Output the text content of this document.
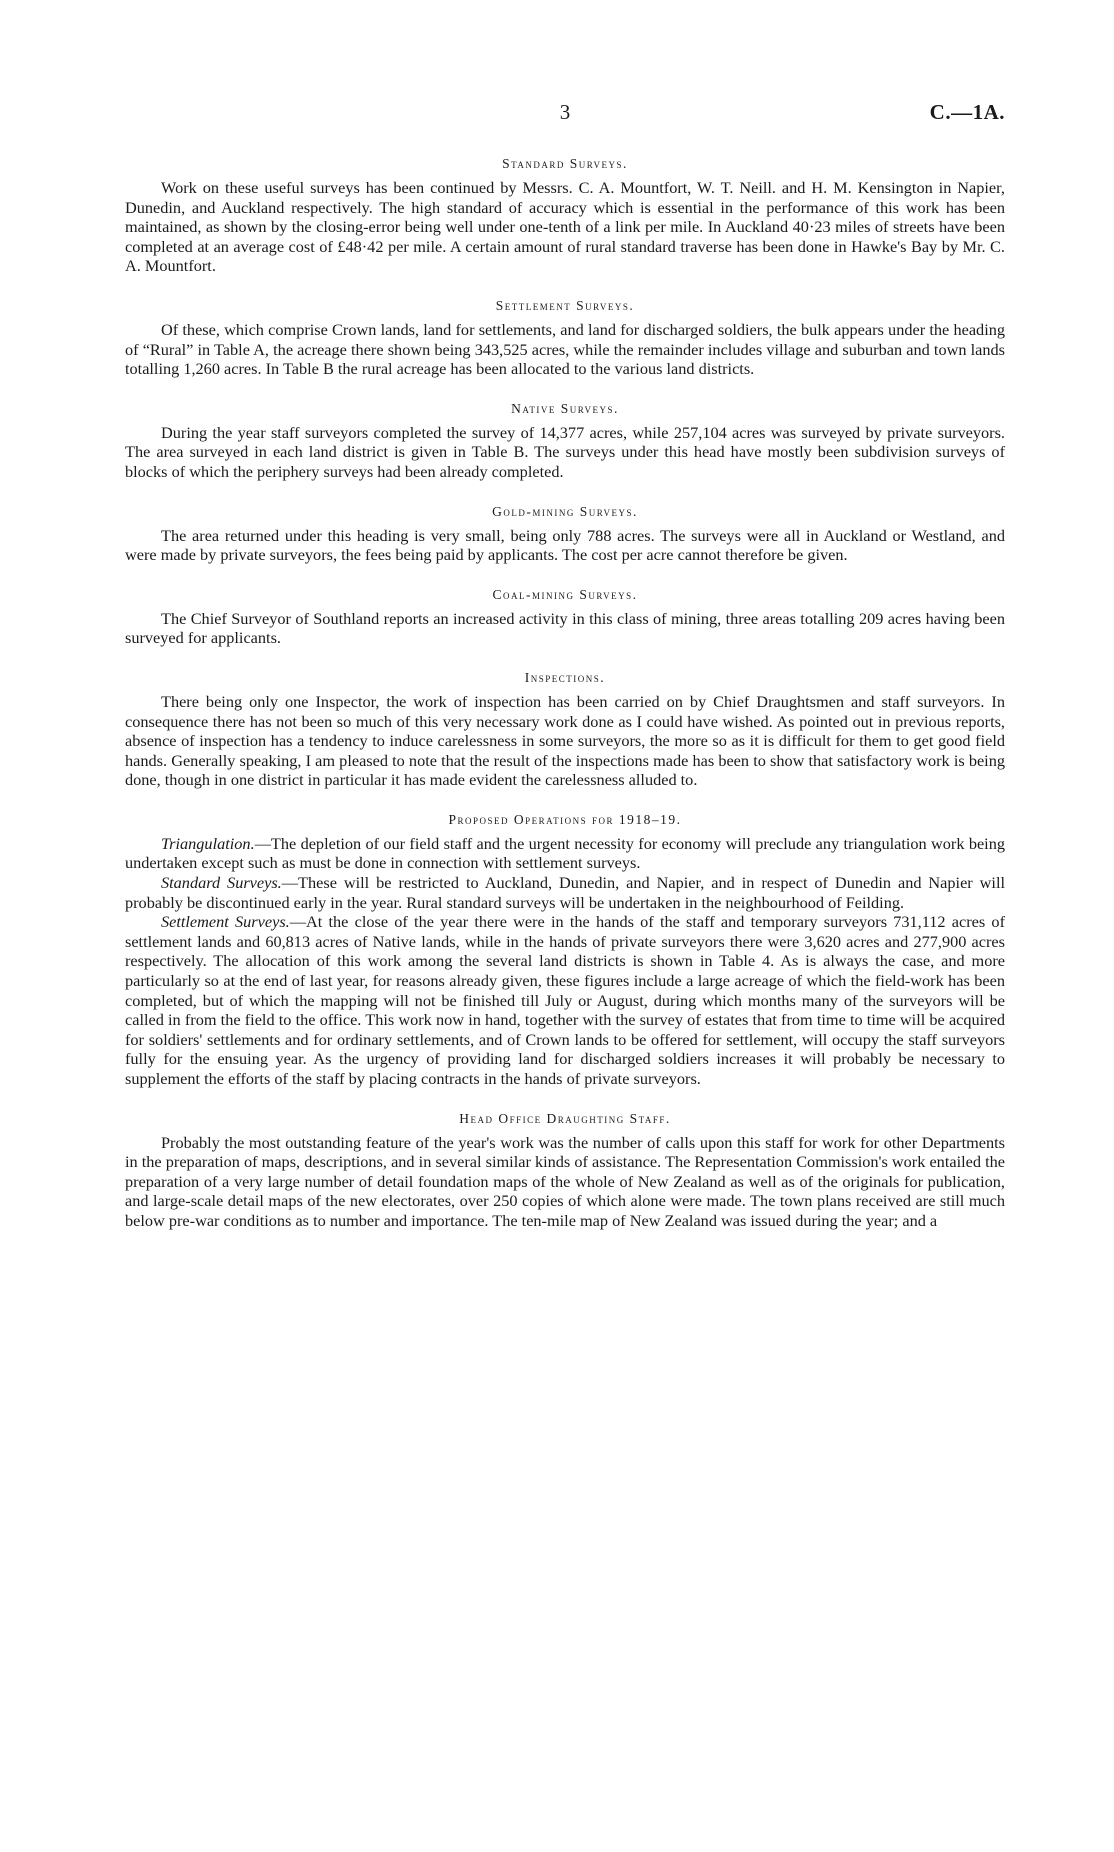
3	C.—1A.
Standard Surveys.

Work on these useful surveys has been continued by Messrs. C. A. Mountfort, W. T. Neill. and H. M. Kensington in Napier, Dunedin, and Auckland respectively. The high standard of accuracy which is essential in the performance of this work has been maintained, as shown by the closing-error being well under one-tenth of a link per mile. In Auckland 40·23 miles of streets have been completed at an average cost of £48·42 per mile. A certain amount of rural standard traverse has been done in Hawke's Bay by Mr. C. A. Mountfort.

Settlement Surveys.

Of these, which comprise Crown lands, land for settlements, and land for discharged soldiers, the bulk appears under the heading of “Rural” in Table A, the acreage there shown being 343,525 acres, while the remainder includes village and suburban and town lands totalling 1,260 acres. In Table B the rural acreage has been allocated to the various land districts.

Native Surveys.

During the year staff surveyors completed the survey of 14,377 acres, while 257,104 acres was surveyed by private surveyors. The area surveyed in each land district is given in Table B. The surveys under this head have mostly been subdivision surveys of blocks of which the periphery surveys had been already completed.

Gold-mining Surveys.

The area returned under this heading is very small, being only 788 acres. The surveys were all in Auckland or Westland, and were made by private surveyors, the fees being paid by applicants. The cost per acre cannot therefore be given.

Coal-mining Surveys.

The Chief Surveyor of Southland reports an increased activity in this class of mining, three areas totalling 209 acres having been surveyed for applicants.

Inspections.

There being only one Inspector, the work of inspection has been carried on by Chief Draughtsmen and staff surveyors. In consequence there has not been so much of this very necessary work done as I could have wished. As pointed out in previous reports, absence of inspection has a tendency to induce carelessness in some surveyors, the more so as it is difficult for them to get good field hands. Generally speaking, I am pleased to note that the result of the inspections made has been to show that satisfactory work is being done, though in one district in particular it has made evident the carelessness alluded to.

Proposed Operations for 1918–19.

Triangulation.—The depletion of our field staff and the urgent necessity for economy will preclude any triangulation work being undertaken except such as must be done in connection with settlement surveys.

Standard Surveys.—These will be restricted to Auckland, Dunedin, and Napier, and in respect of Dunedin and Napier will probably be discontinued early in the year. Rural standard surveys will be undertaken in the neighbourhood of Feilding.

Settlement Surveys.—At the close of the year there were in the hands of the staff and temporary surveyors 731,112 acres of settlement lands and 60,813 acres of Native lands, while in the hands of private surveyors there were 3,620 acres and 277,900 acres respectively. The allocation of this work among the several land districts is shown in Table 4. As is always the case, and more particularly so at the end of last year, for reasons already given, these figures include a large acreage of which the field-work has been completed, but of which the mapping will not be finished till July or August, during which months many of the surveyors will be called in from the field to the office. This work now in hand, together with the survey of estates that from time to time will be acquired for soldiers' settlements and for ordinary settlements, and of Crown lands to be offered for settlement, will occupy the staff surveyors fully for the ensuing year. As the urgency of providing land for discharged soldiers increases it will probably be necessary to supplement the efforts of the staff by placing contracts in the hands of private surveyors.

Head Office Draughting Staff.

Probably the most outstanding feature of the year's work was the number of calls upon this staff for work for other Departments in the preparation of maps, descriptions, and in several similar kinds of assistance. The Representation Commission's work entailed the preparation of a very large number of detail foundation maps of the whole of New Zealand as well as of the originals for publication, and large-scale detail maps of the new electorates, over 250 copies of which alone were made. The town plans received are still much below pre-war conditions as to number and importance. The ten-mile map of New Zealand was issued during the year; and a
